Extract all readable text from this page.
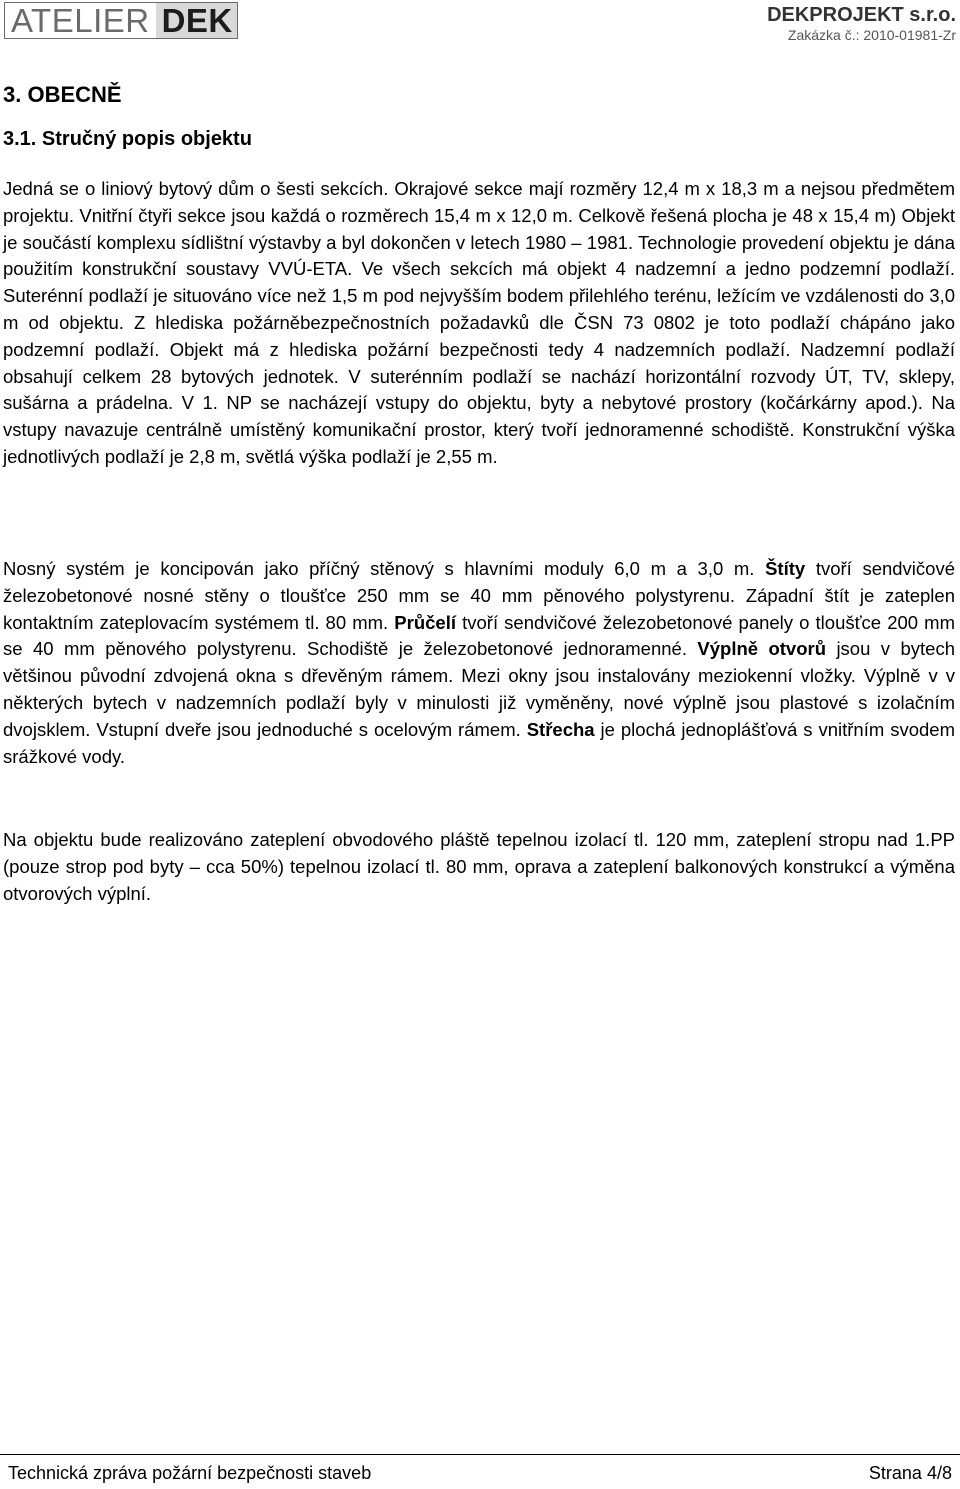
ATELIER DEK	DEKPROJEKT s.r.o.
Zakázka č.: 2010-01981-Zr
3. OBECNĚ
3.1. Stručný popis objektu

Jedná se o liniový bytový dům o šesti sekcích. Okrajové sekce mají rozměry 12,4 m x 18,3 m a nejsou předmětem projektu. Vnitřní čtyři sekce jsou každá o rozměrech 15,4 m x 12,0 m. Celkově řešená plocha je 48 x 15,4 m) Objekt je součástí komplexu sídlištní výstavby a byl dokončen v letech 1980 – 1981. Technologie provedení objektu je dána použitím konstrukční soustavy VVÚ-ETA. Ve všech sekcích má objekt 4 nadzemní a jedno podzemní podlaží. Suterénní podlaží je situováno více než 1,5 m pod nejvyšším bodem přilehlého terénu, ležícím ve vzdálenosti do 3,0 m od objektu. Z hlediska požárněbezpečnostních požadavků dle ČSN 73 0802 je toto podlaží chápáno jako podzemní podlaží. Objekt má z hlediska požární bezpečnosti tedy 4 nadzemních podlaží. Nadzemní podlaží obsahují celkem 28 bytových jednotek. V suterénním podlaží se nachází horizontální rozvody ÚT, TV, sklepy, sušárna a prádelna. V 1. NP se nacházejí vstupy do objektu, byty a nebytové prostory (kočárkárny apod.). Na vstupy navazuje centrálně umístěný komunikační prostor, který tvoří jednoramenné schodiště. Konstrukční výška jednotlivých podlaží je 2,8 m, světlá výška podlaží je 2,55 m.

Nosný systém je koncipován jako příčný stěnový s hlavními moduly 6,0 m a 3,0 m. Štíty tvoří sendvičové železobetonové nosné stěny o tloušťce 250 mm se 40 mm pěnového polystyrenu. Západní štít je zateplen kontaktním zateplovacím systémem tl. 80 mm. Průčelí tvoří sendvičové železobetonové panely o tloušťce 200 mm se 40 mm pěnového polystyrenu. Schodiště je železobetonové jednoramenné. Výplně otvorů jsou v bytech většinou původní zdvojená okna s dřevěným rámem. Mezi okny jsou instalovány meziokenní vložky. Výplně v v některých bytech v nadzemních podlaží byly v minulosti již vyměněny, nové výplně jsou plastové s izolačním dvojsklem. Vstupní dveře jsou jednoduché s ocelovým rámem. Střecha je plochá jednoplášťová s vnitřním svodem srážkové vody.

Na objektu bude realizováno zateplení obvodového pláště tepelnou izolací tl. 120 mm, zateplení stropu nad 1.PP (pouze strop pod byty – cca 50%) tepelnou izolací tl. 80 mm, oprava a zateplení balkonových konstrukcí a výměna otvorových výplní.

Technická zpráva požární bezpečnosti staveb	Strana 4/8
